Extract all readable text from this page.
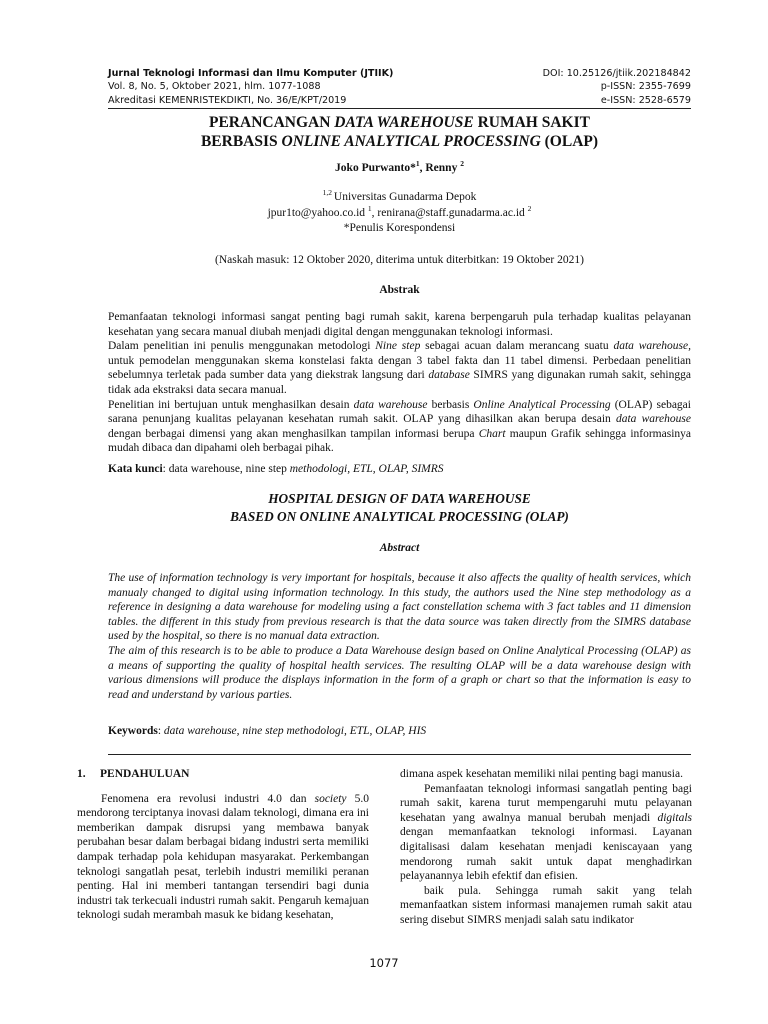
Jurnal Teknologi Informasi dan Ilmu Komputer (JTIIK)
Vol. 8, No. 5, Oktober 2021, hlm. 1077-1088
Akreditasi KEMENRISTEKDIKTI, No. 36/E/KPT/2019
DOI: 10.25126/jtiik.202184842
p-ISSN: 2355-7699
e-ISSN: 2528-6579
PERANCANGAN DATA WAREHOUSE RUMAH SAKIT
BERBASIS ONLINE ANALYTICAL PROCESSING (OLAP)
Joko Purwanto*$^1$, Renny $^2$
$^{1,2}$ Universitas Gunadarma Depok
jpur1to@yahoo.co.id $^1$, renirana@staff.gunadarma.ac.id $^2$
*Penulis Korespondensi
(Naskah masuk: 12 Oktober 2020, diterima untuk diterbitkan: 19 Oktober 2021)
Abstrak
Pemanfaatan teknologi informasi sangat penting bagi rumah sakit, karena berpengaruh pula terhadap kualitas pelayanan kesehatan yang secara manual diubah menjadi digital dengan menggunakan teknologi informasi.
Dalam penelitian ini penulis menggunakan metodologi Nine step sebagai acuan dalam merancang suatu data warehouse, untuk pemodelan menggunakan skema konstelasi fakta dengan 3 tabel fakta dan 11 tabel dimensi. Perbedaan penelitian sebelumnya terletak pada sumber data yang diekstrak langsung dari database SIMRS yang digunakan rumah sakit, sehingga tidak ada ekstraksi data secara manual.
Penelitian ini bertujuan untuk menghasilkan desain data warehouse berbasis Online Analytical Processing (OLAP) sebagai sarana penunjang kualitas pelayanan kesehatan rumah sakit. OLAP yang dihasilkan akan berupa desain data warehouse dengan berbagai dimensi yang akan menghasilkan tampilan informasi berupa Chart maupun Grafik sehingga informasinya mudah dibaca dan dipahami oleh berbagai pihak.
Kata kunci: data warehouse, nine step methodologi, ETL, OLAP, SIMRS
HOSPITAL DESIGN OF DATA WAREHOUSE
BASED ON ONLINE ANALYTICAL PROCESSING (OLAP)
Abstract
The use of information technology is very important for hospitals, because it also affects the quality of health services, which manualy changed to digital using information technology. In this study, the authors used the Nine step methodology as a reference in designing a data warehouse for modeling using a fact constellation schema with 3 fact tables and 11 dimension tables. the different in this study from previous research is that the data source was taken directly from the SIMRS database used by the hospital, so there is no manual data extraction.
The aim of this research is to be able to produce a Data Warehouse design based on Online Analytical Processing (OLAP) as a means of supporting the quality of hospital health services. The resulting OLAP will be a data warehouse design with various dimensions will produce the displays information in the form of a graph or chart so that the information is easy to read and understand by various parties.
Keywords: data warehouse, nine step methodologi, ETL, OLAP, HIS

1. PENDAHULUAN

Fenomena era revolusi industri 4.0 dan society 5.0 mendorong terciptanya inovasi dalam teknologi, dimana era ini memberikan dampak disrupsi yang membawa banyak perubahan besar dalam berbagai bidang industri serta memiliki dampak terhadap pola kehidupan masyarakat. Perkembangan teknologi sangatlah pesat, terlebih industri memiliki peranan penting. Hal ini memberi tantangan tersendiri bagi dunia industri tak terkecuali industri rumah sakit. Pengaruh kemajuan teknologi sudah merambah masuk ke bidang kesehatan,

dimana aspek kesehatan memiliki nilai penting bagi manusia.

Pemanfaatan teknologi informasi sangatlah penting bagi rumah sakit, karena turut mempengaruhi mutu pelayanan kesehatan yang awalnya manual berubah menjadi digitals dengan memanfaatkan teknologi informasi. Layanan digitalisasi dalam kesehatan menjadi keniscayaan yang mendorong rumah sakit untuk dapat menghadirkan pelayanannya lebih efektif dan efisien.

baik pula. Sehingga rumah sakit yang telah memanfaatkan sistem informasi manajemen rumah sakit atau sering disebut SIMRS menjadi salah satu indikator

1077
